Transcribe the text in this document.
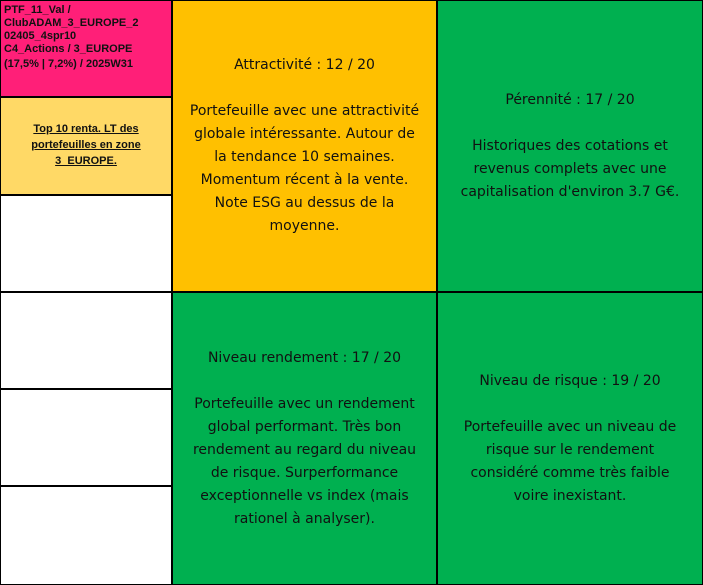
PTF_11_Val /
ClubADAM_3_EUROPE_2
02405_4spr10
C4_Actions / 3_EUROPE
(17,5% | 7,2%) / 2025W31
Top 10 renta. LT des
portefeuilles en zone
3_EUROPE.
Attractivité : 12 / 20
Portefeuille avec une attractivité
globale intéressante. Autour de
la tendance 10 semaines.
Momentum récent à la vente.
Note ESG au dessus de la
moyenne.
Pérennité : 17 / 20
Historiques des cotations et
revenus complets avec une
capitalisation d'environ 3.7 G€.
Niveau rendement : 17 / 20
Portefeuille avec un rendement
global performant. Très bon
rendement au regard du niveau
de risque. Surperformance
exceptionnelle vs index (mais
rationel à analyser).
Niveau de risque : 19 / 20
Portefeuille avec un niveau de
risque sur le rendement
considéré comme très faible
voire inexistant.
